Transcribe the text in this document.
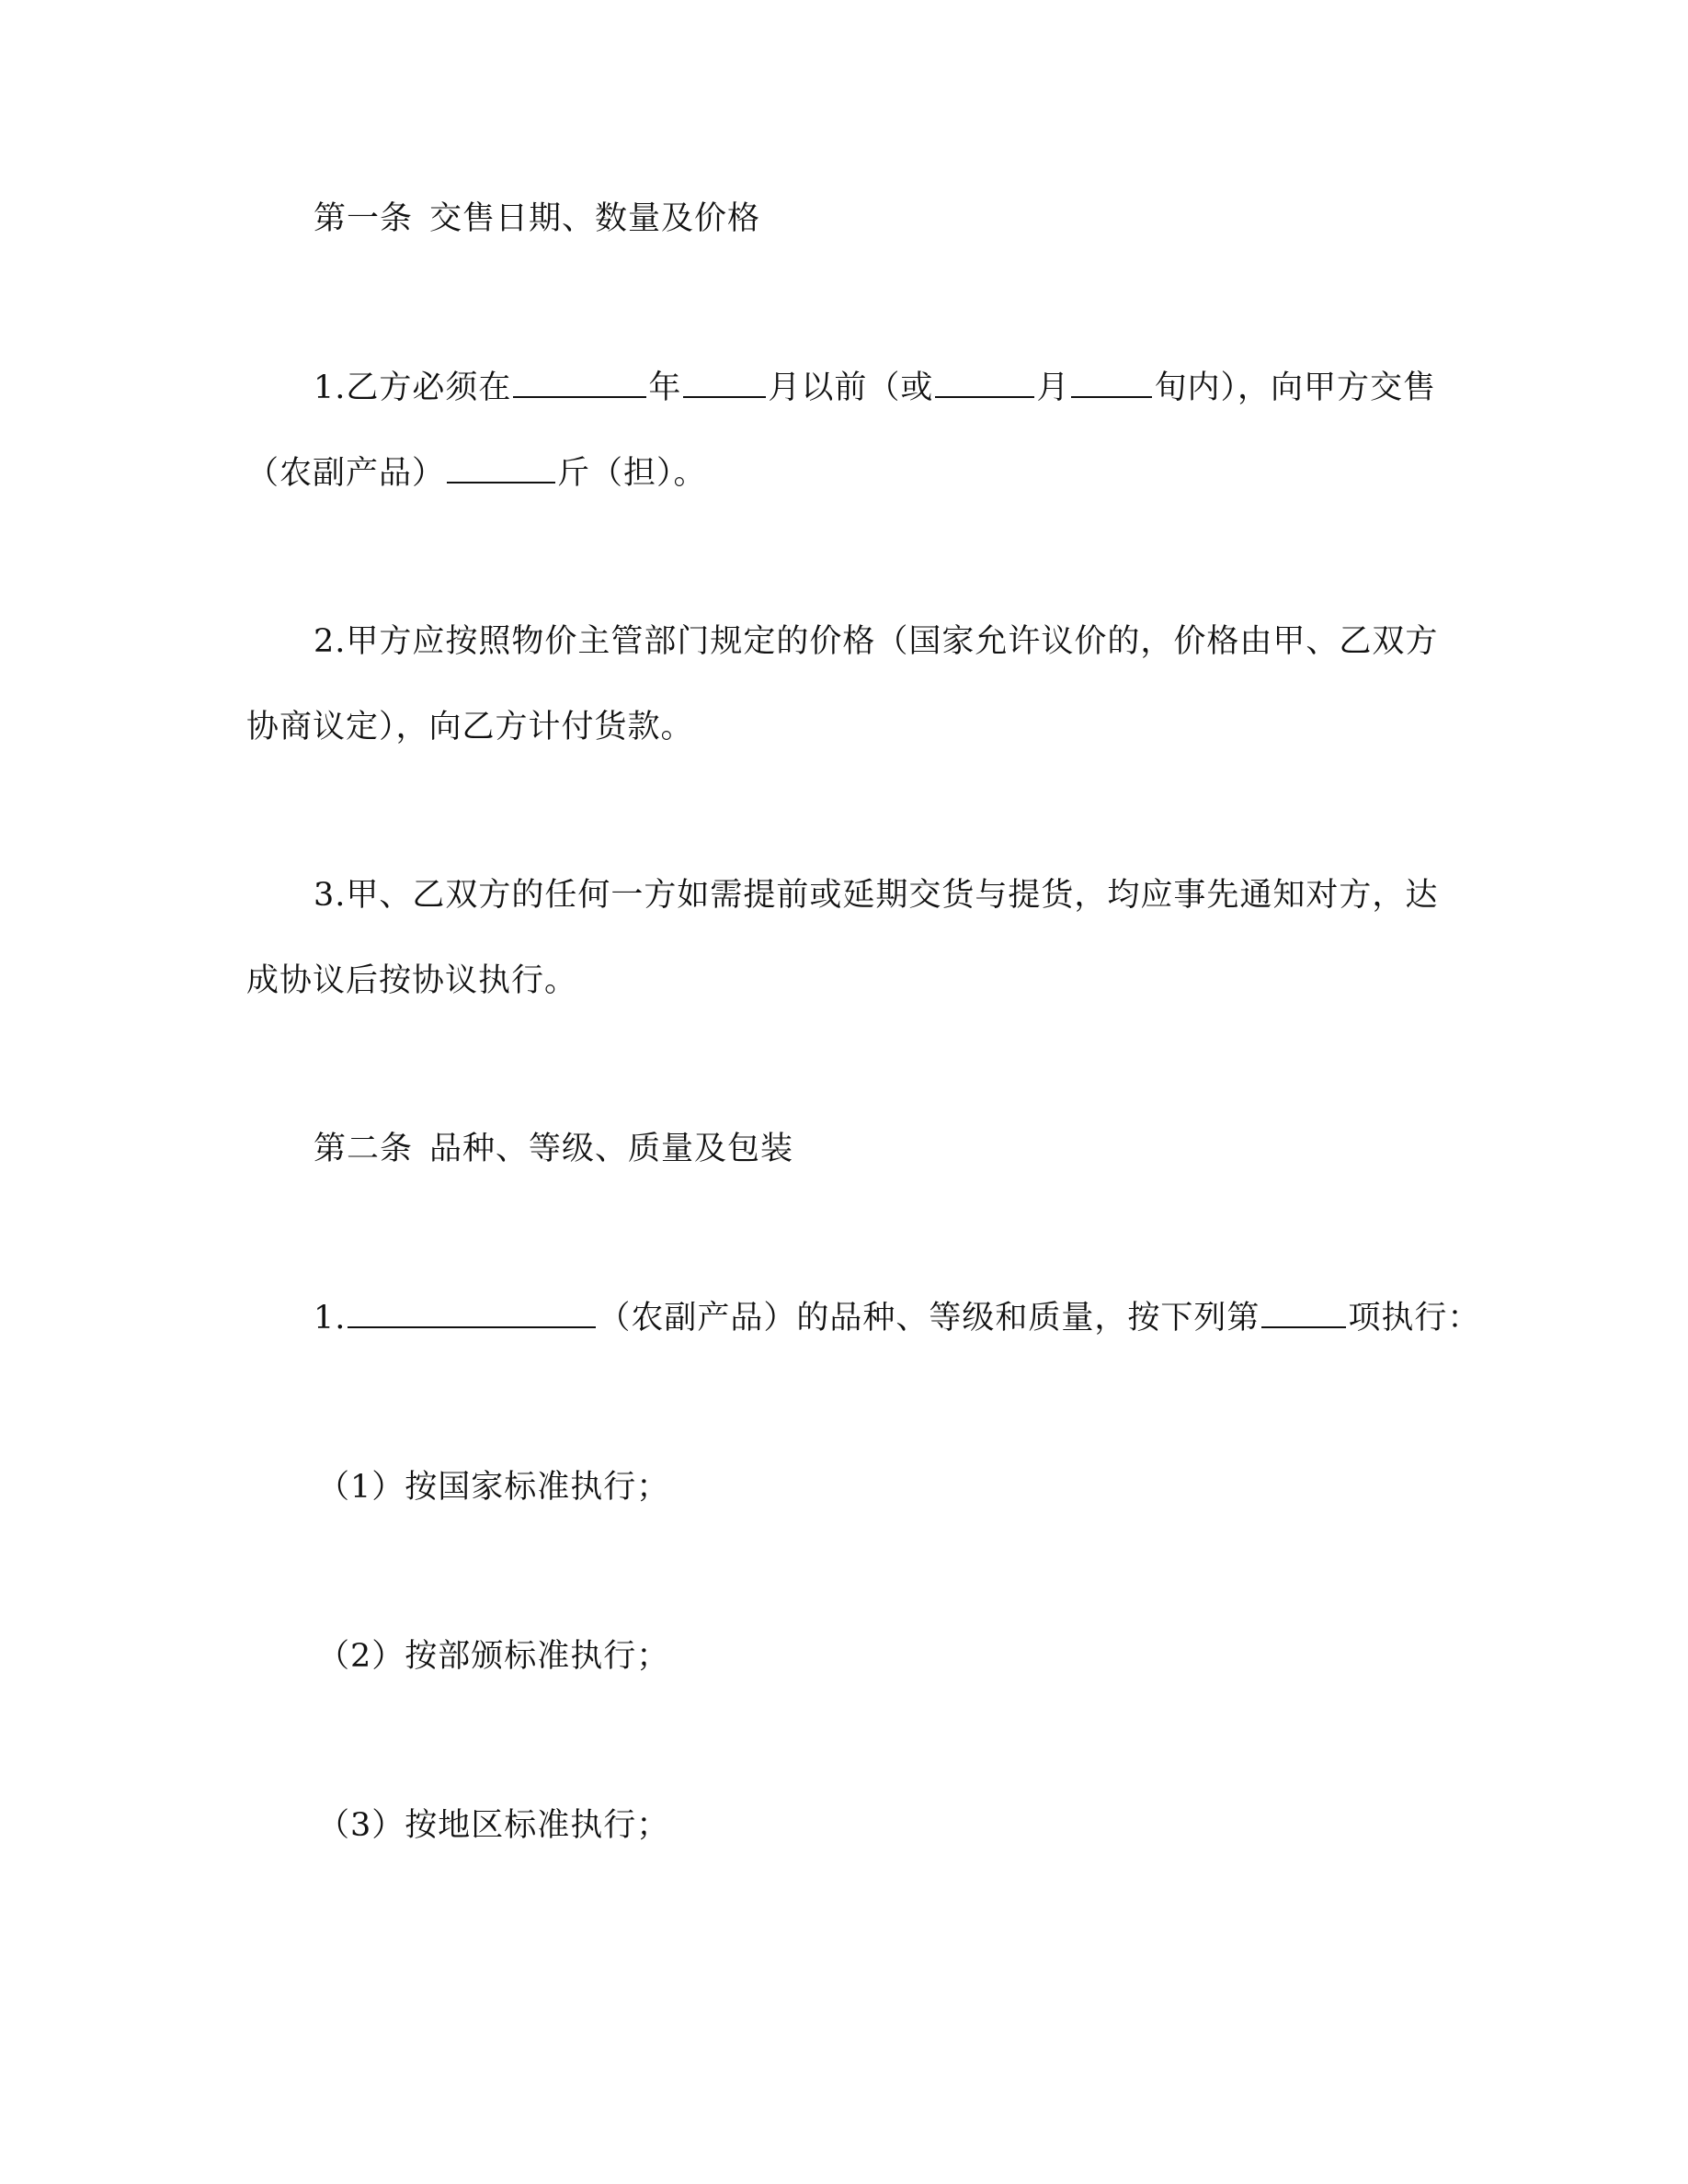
第一条 交售日期、数量及价格
1.乙方必须在	年	月以前（或	月	旬内），向甲方交售
（农副产品）	斤（担）。
2.甲方应按照物价主管部门规定的价格（国家允许议价的，价格由甲、乙双方
协商议定），向乙方计付货款。
3.甲、乙双方的任何一方如需提前或延期交货与提货，均应事先通知对方，达
成协议后按协议执行。
第二条 品种、等级、质量及包装
1.	（农副产品）的品种、等级和质量，按下列第	项执行：
（1）按国家标准执行；
（2）按部颁标准执行；
（3）按地区标准执行；
